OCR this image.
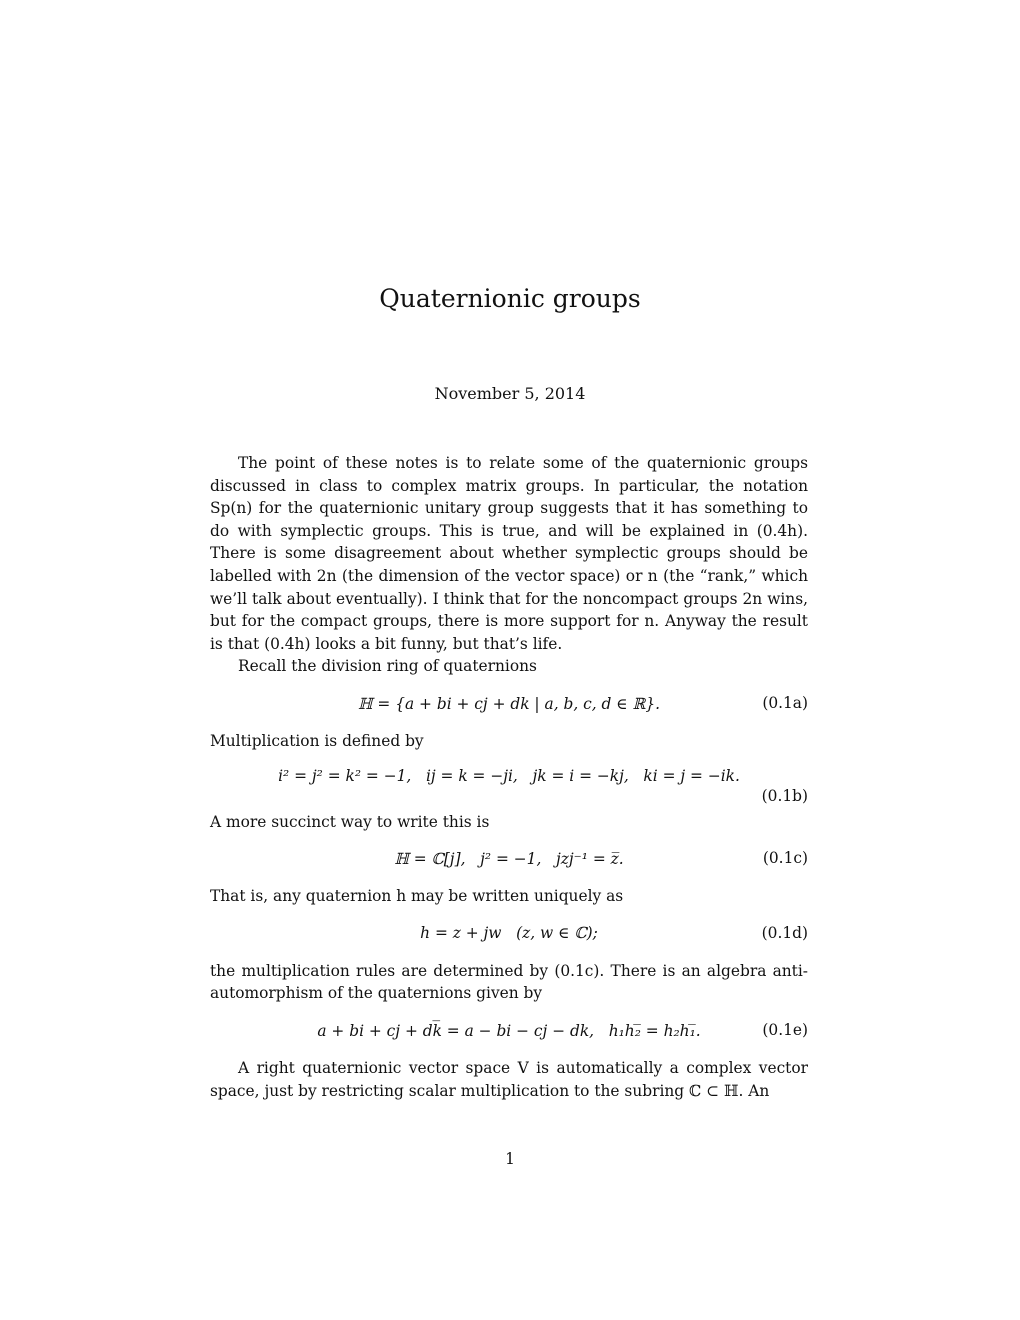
Quaternionic groups
November 5, 2014

The point of these notes is to relate some of the quaternionic groups discussed in class to complex matrix groups. In particular, the notation Sp(n) for the quaternionic unitary group suggests that it has something to do with symplectic groups. This is true, and will be explained in (0.4h). There is some disagreement about whether symplectic groups should be labelled with 2n (the dimension of the vector space) or n (the “rank,” which we’ll talk about eventually). I think that for the noncompact groups 2n wins, but for the compact groups, there is more support for n. Anyway the result is that (0.4h) looks a bit funny, but that’s life.

Recall the division ring of quaternions

ℍ = {a + bi + cj + dk | a, b, c, d ∈ ℝ}.	(0.1a)

Multiplication is defined by

i² = j² = k² = −1,   ij = k = −ji,   jk = i = −kj,   ki = j = −ik.
(0.1b)

A more succinct way to write this is

ℍ = ℂ[j],   j² = −1,   jzj⁻¹ = z̅.	(0.1c)

That is, any quaternion h may be written uniquely as

h = z + jw   (z, w ∈ ℂ);	(0.1d)

the multiplication rules are determined by (0.1c). There is an algebra anti-automorphism of the quaternions given by

a + bi + cj + dk̅ = a − bi − cj − dk,   h₁h₂̅ = h₂h₁̅.	(0.1e)

A right quaternionic vector space V is automatically a complex vector space, just by restricting scalar multiplication to the subring ℂ ⊂ ℍ. An

1
